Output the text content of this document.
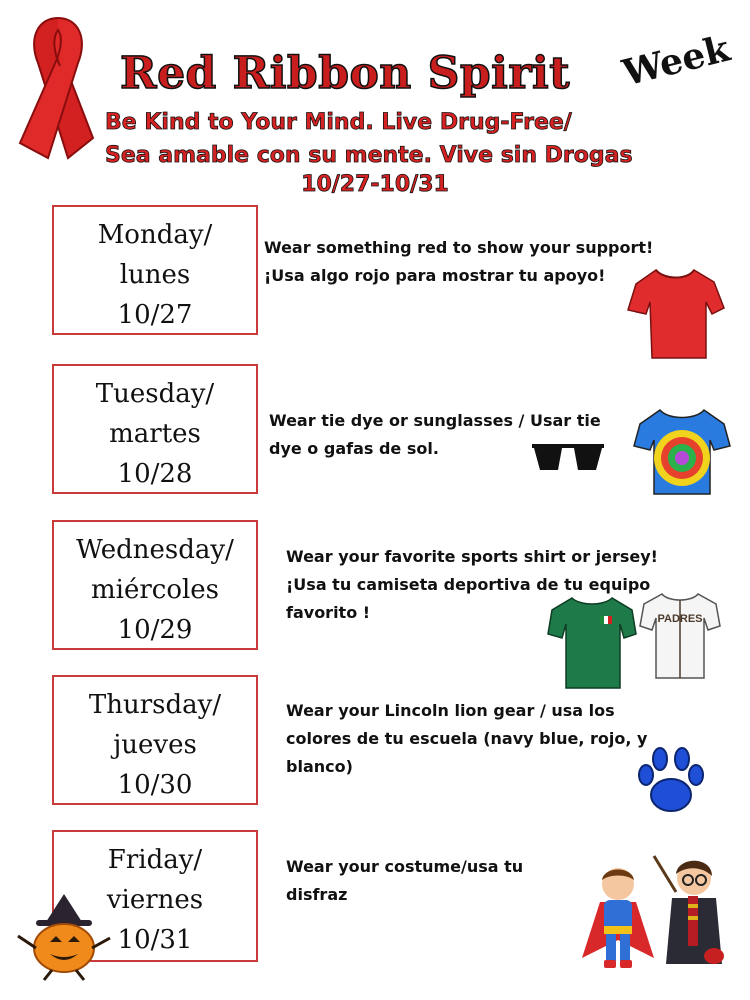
Red Ribbon Spirit	Week
Be Kind to Your Mind. Live Drug-Free/
Sea amable con su mente. Vive sin Drogas
10/27-10/31
Monday/
lunes
10/27
Wear something red to show your support!
¡Usa algo rojo para mostrar tu apoyo!
Tuesday/
martes
10/28
Wear tie dye or sunglasses / Usar tie
dye o gafas de sol.
Wednesday/
miércoles
10/29
Wear your favorite sports shirt or jersey!
¡Usa tu camiseta deportiva de tu equipo
favorito !	PADRES
Thursday/
jueves
10/30
Wear your Lincoln lion gear / usa los
colores de tu escuela (navy blue, rojo, y
blanco)
Friday/
viernes
10/31
Wear your costume/usa tu
disfraz
